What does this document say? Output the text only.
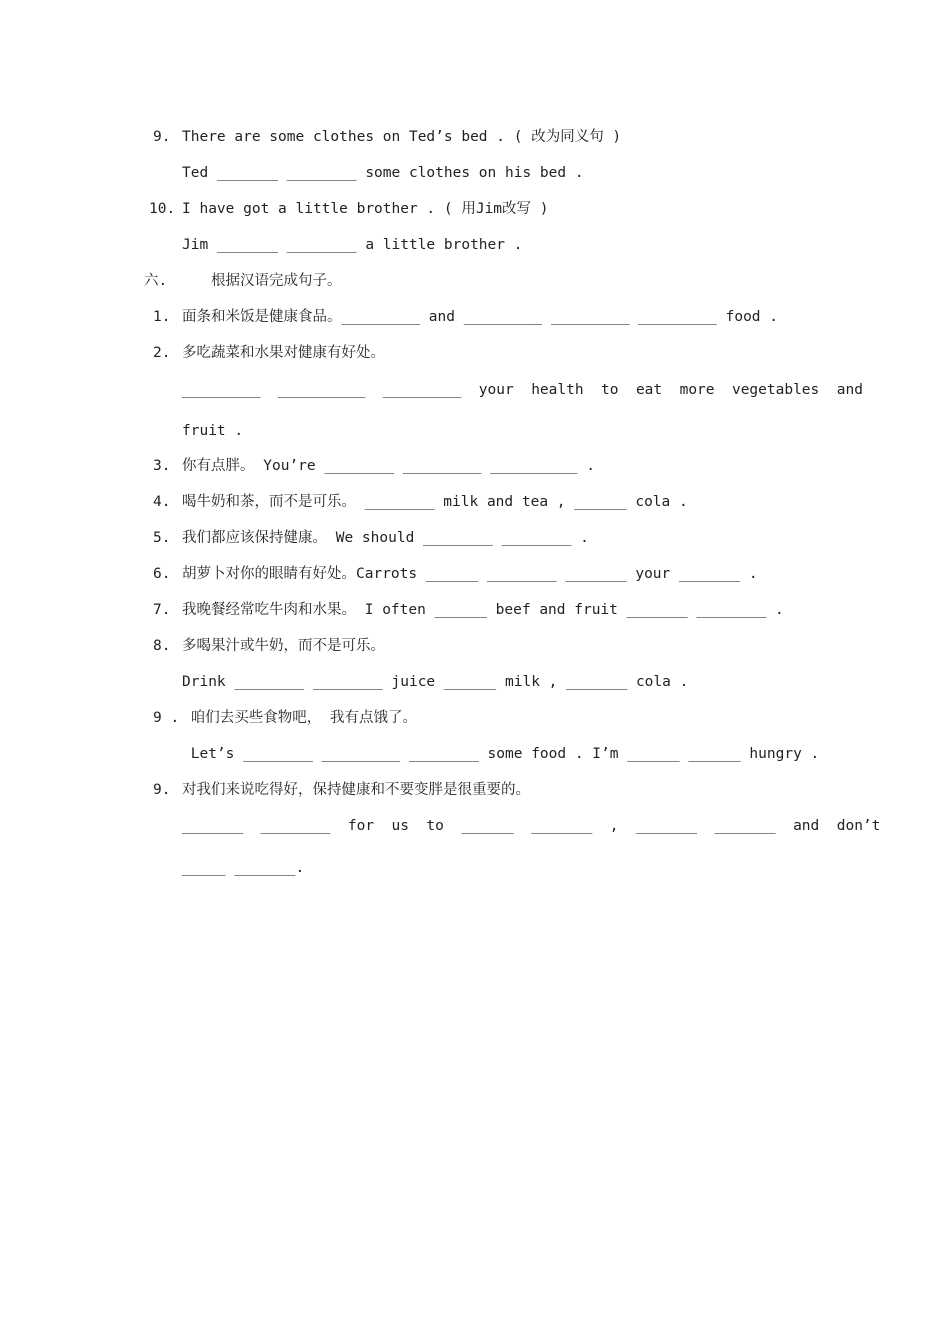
9. There are some clothes on Ted’s bed . ( 改为同义句 )
Ted _______ ________ some clothes on his bed .
10. I have got a little brother . ( 用Jim改写 )
Jim _______ ________ a little brother .
六.	根据汉语完成句子。
1. 面条和米饭是健康食品。_________ and _________ _________ _________ food .
2. 多吃蔬菜和水果对健康有好处。
_________  __________  _________  your  health  to  eat  more  vegetables  and
fruit .
3. 你有点胖。 You’re ________ _________ __________ .
4. 喝牛奶和茶，而不是可乐。 ________ milk and tea , ______ cola .
5. 我们都应该保持健康。 We should ________ ________ .
6. 胡萝卜对你的眼睛有好处。Carrots ______ ________ _______ your _______ .
7. 我晚餐经常吃牛肉和水果。 I often ______ beef and fruit _______ ________ .
8. 多喝果汁或牛奶，而不是可乐。
Drink ________ ________ juice ______ milk , _______ cola .
9 . 咱们去买些食物吧， 我有点饿了。
Let’s ________ _________ ________ some food . I’m ______ ______ hungry .
9. 对我们来说吃得好，保持健康和不要变胖是很重要的。
_______  ________  for  us  to  ______  _______  ,  _______  _______  and  don’t
_____ _______.
